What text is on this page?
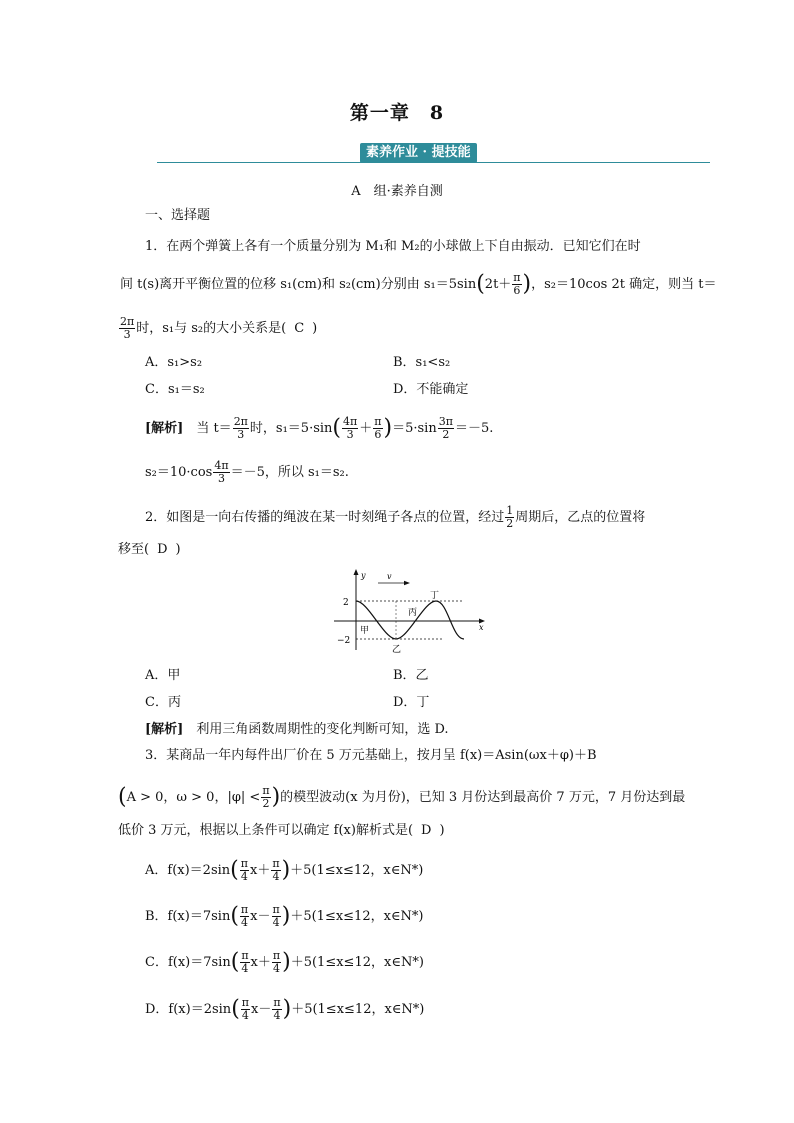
第一章　8
素养作业 · 提技能
A　组·素养自测
一、选择题
1．在两个弹簧上各有一个质量分别为 M₁和 M₂的小球做上下自由振动．已知它们在时
间 t(s)离开平衡位置的位移 s₁(cm)和 s₂(cm)分别由 $s_1=5\sin(2t+ \frac{\pi}{6}$ )，s₂＝10cos 2t 确定，则当 t＝
$\frac{2\pi}{3}$ 时，s₁与 s₂的大小关系是( C )
A．s₁>s₂	B．s₁<s₂
C．s₁＝s₂	D．不能确定
[解析]　 当 $t= \frac{2\pi}{3}$ 时，$s_1=5\cdot\sin( \frac{4\pi}{3} + \frac{\pi}{6} )=5\cdot\sin \frac{3\pi}{2} =-5$.
$s_2=10\cdot\cos \frac{4\pi}{3} =-5$，所以 s₁＝s₂.
2．如图是一向右传播的绳波在某一时刻绳子各点的位置，经过 $\frac{1}{2}$ 周期后，乙点的位置将
移至( D )
y
x
v
2
−2
甲
乙
丙
丁
A．甲	B．乙
C．丙	D．丁
[解析]　 利用三角函数周期性的变化判断可知，选 D.
3．某商品一年内每件出厂价在 5 万元基础上，按月呈 f(x)＝Asin(ωx＋φ)＋B
(A > 0，ω > 0，$|\varphi| < \frac{\pi}{2}$ )的模型波动(x 为月份)，已知 3 月份达到最高价 7 万元，7 月份达到最
低价 3 万元，根据以上条件可以确定 f(x)解析式是( D )
A．$f(x)=2\sin( \frac{\pi}{4} x+ \frac{\pi}{4} )+5(1\le x\le 12$，x∈N*)
B．$f(x)=7\sin( \frac{\pi}{4} x- \frac{\pi}{4} )+5(1\le x\le 12$，x∈N*)
C．$f(x)=7\sin( \frac{\pi}{4} x+ \frac{\pi}{4} )+5(1\le x\le 12$，x∈N*)
D．$f(x)=2\sin( \frac{\pi}{4} x- \frac{\pi}{4} )+5(1\le x\le 12$，x∈N*)
